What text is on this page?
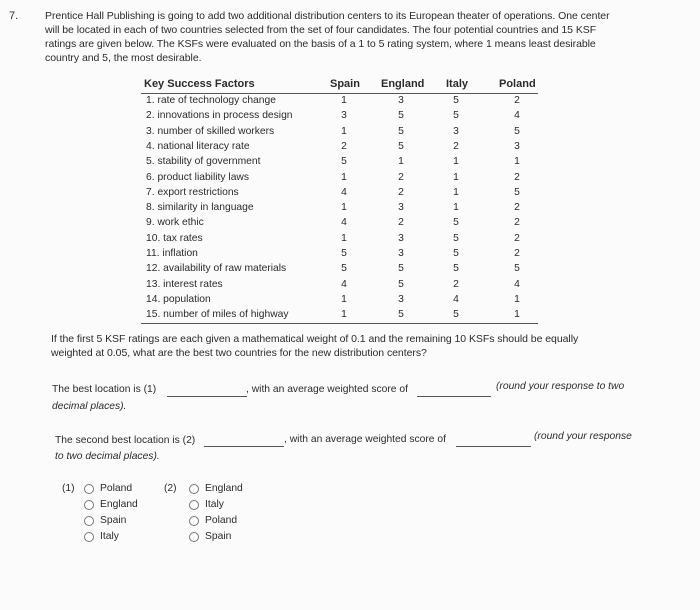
7.	Prentice Hall Publishing is going to add two additional distribution centers to its European theater of operations. One center
will be located in each of two countries selected from the set of four candidates. The four potential countries and 15 KSF
ratings are given below. The KSFs were evaluated on the basis of a 1 to 5 rating system, where 1 means least desirable
country and 5, the most desirable.
Key Success Factors	Spain England Italy	Poland
1. rate of technology change	1	3	5	2
2. innovations in process design	3	5	5	4
3. number of skilled workers	1	5	3	5
4. national literacy rate	2	5	2	3
5. stability of government	5	1	1	1
6. product liability laws	1	2	1	2
7. export restrictions	4	2	1	5
8. similarity in language	1	3	1	2
9. work ethic	4	2	5	2
10. tax rates	1	3	5	2
11. inflation	5	3	5	2
12. availability of raw materials	5	5	5	5
13. interest rates	4	5	2	4
14. population	1	3	4	1
15. number of miles of highway	1	5	5	1
If the first 5 KSF ratings are each given a mathematical weight of 0.1 and the remaining 10 KSFs should be equally
weighted at 0.05, what are the best two countries for the new distribution centers?
The best location is (1)	, with an average weighted score of	(round your response to two
decimal places).
The second best location is (2)	, with an average weighted score of	(round your response
to two decimal places).
(1) Poland
England
Spain
Italy
(2)	England
Italy
Poland
Spain
